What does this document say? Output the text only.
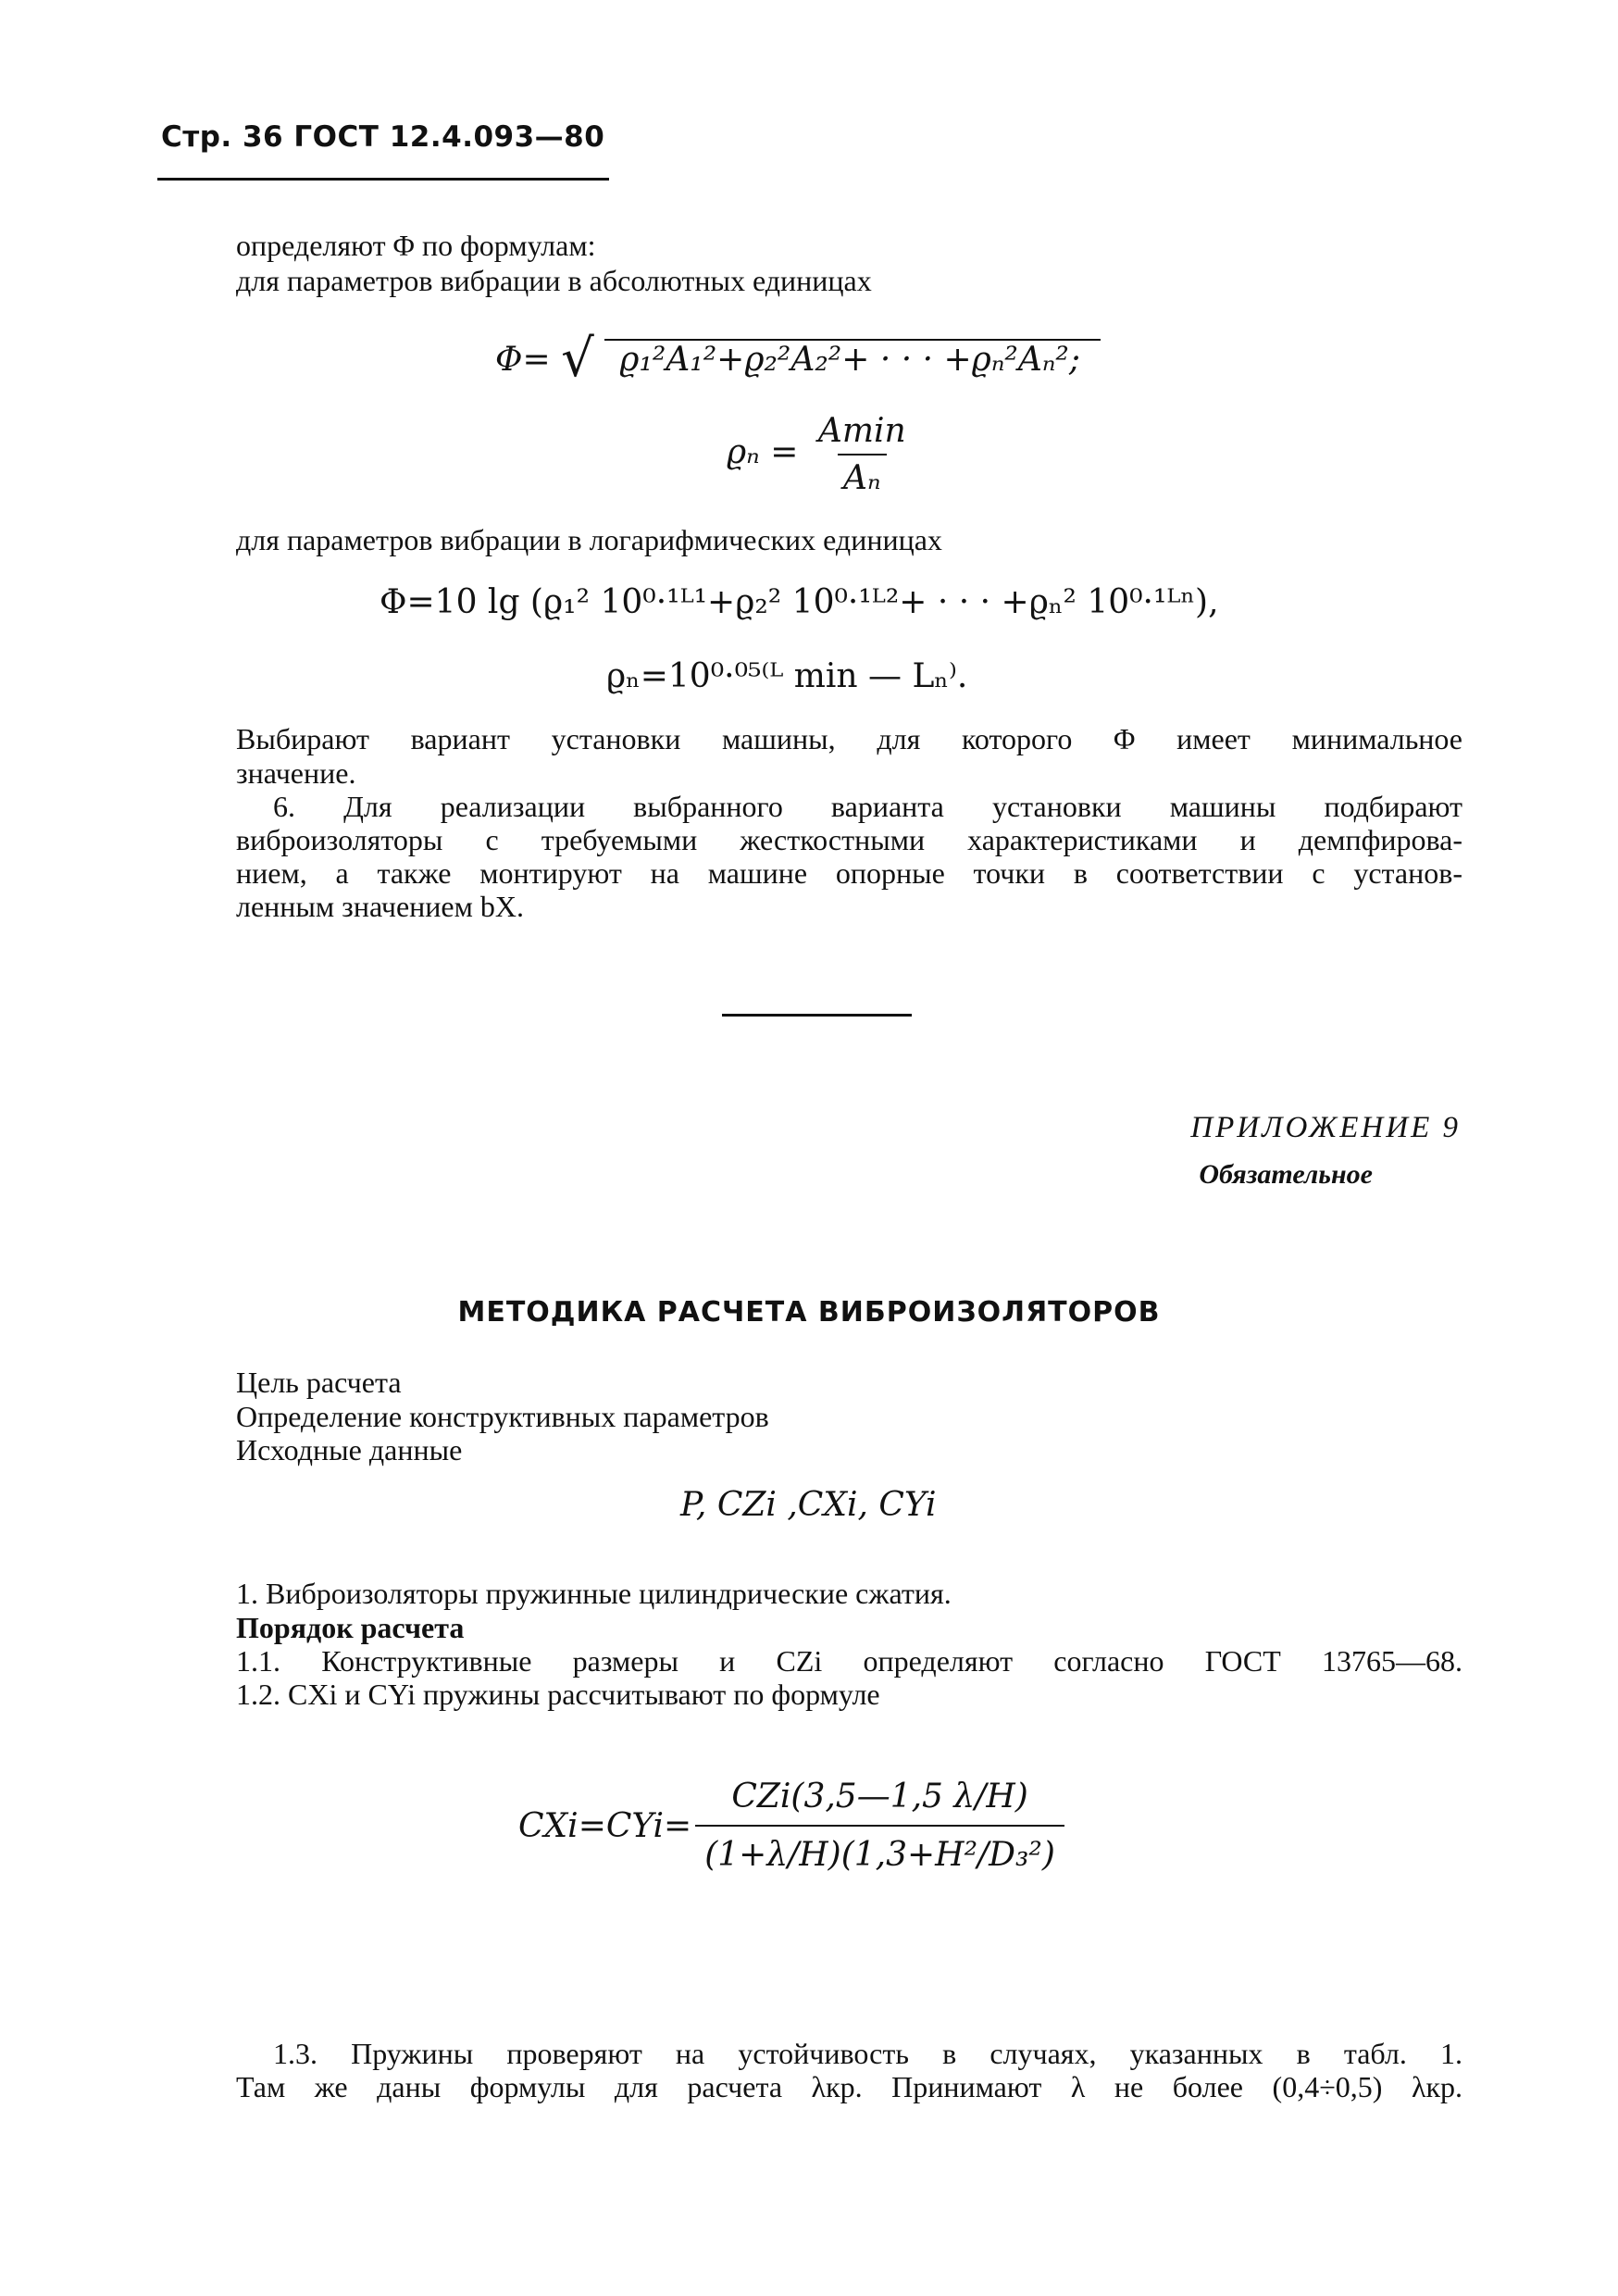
Стр. 36 ГОСТ 12.4.093—80
определяют Φ по формулам:
для параметров вибрации в абсолютных единицах
Φ= √ ϱ₁²A₁²+ϱ₂²A₂²+ · · · +ϱₙ²Aₙ²;
$ϱ_n = \frac{Amin}{\text{Aₙ}}$
для параметров вибрации в логарифмических единицах
Φ=10 lg (ϱ₁² 10⁰·¹ᴸ¹+ϱ₂² 10⁰·¹ᴸ²+ · · · +ϱₙ² 10⁰·¹ᴸⁿ),
ϱₙ=10⁰·⁰⁵⁽ᴸ min — Lₙ⁾.
Выбирают вариант установки машины, для которого Φ имеет минимальное
значение.
6. Для реализации выбранного варианта установки машины подбирают
виброизоляторы с требуемыми жесткостными характеристиками и демпфирова-
нием, а также монтируют на машине опорные точки в соответствии с установ-
ленным значением bX.
ПРИЛОЖЕНИЕ 9
Обязательное
МЕТОДИКА РАСЧЕТА ВИБРОИЗОЛЯТОРОВ
Цель расчета
Определение конструктивных параметров
Исходные данные
P, CZi ,CXi, CYi
1. Виброизоляторы пружинные цилиндрические сжатия.
Порядок расчета
1.1. Конструктивные размеры и CZi определяют согласно ГОСТ 13765—68.
1.2. CXi и CYi пружины рассчитывают по формуле
$CXi=CYi= \frac{\text{CZi(3,5—1,5 λ/H)}}{\text{(1+λ/H)(1,3+H²/D₃²)}}$
1.3. Пружины проверяют на устойчивость в случаях, указанных в табл. 1.
Там же даны формулы для расчета λкр. Принимают λ не более (0,4÷0,5) λкр.
